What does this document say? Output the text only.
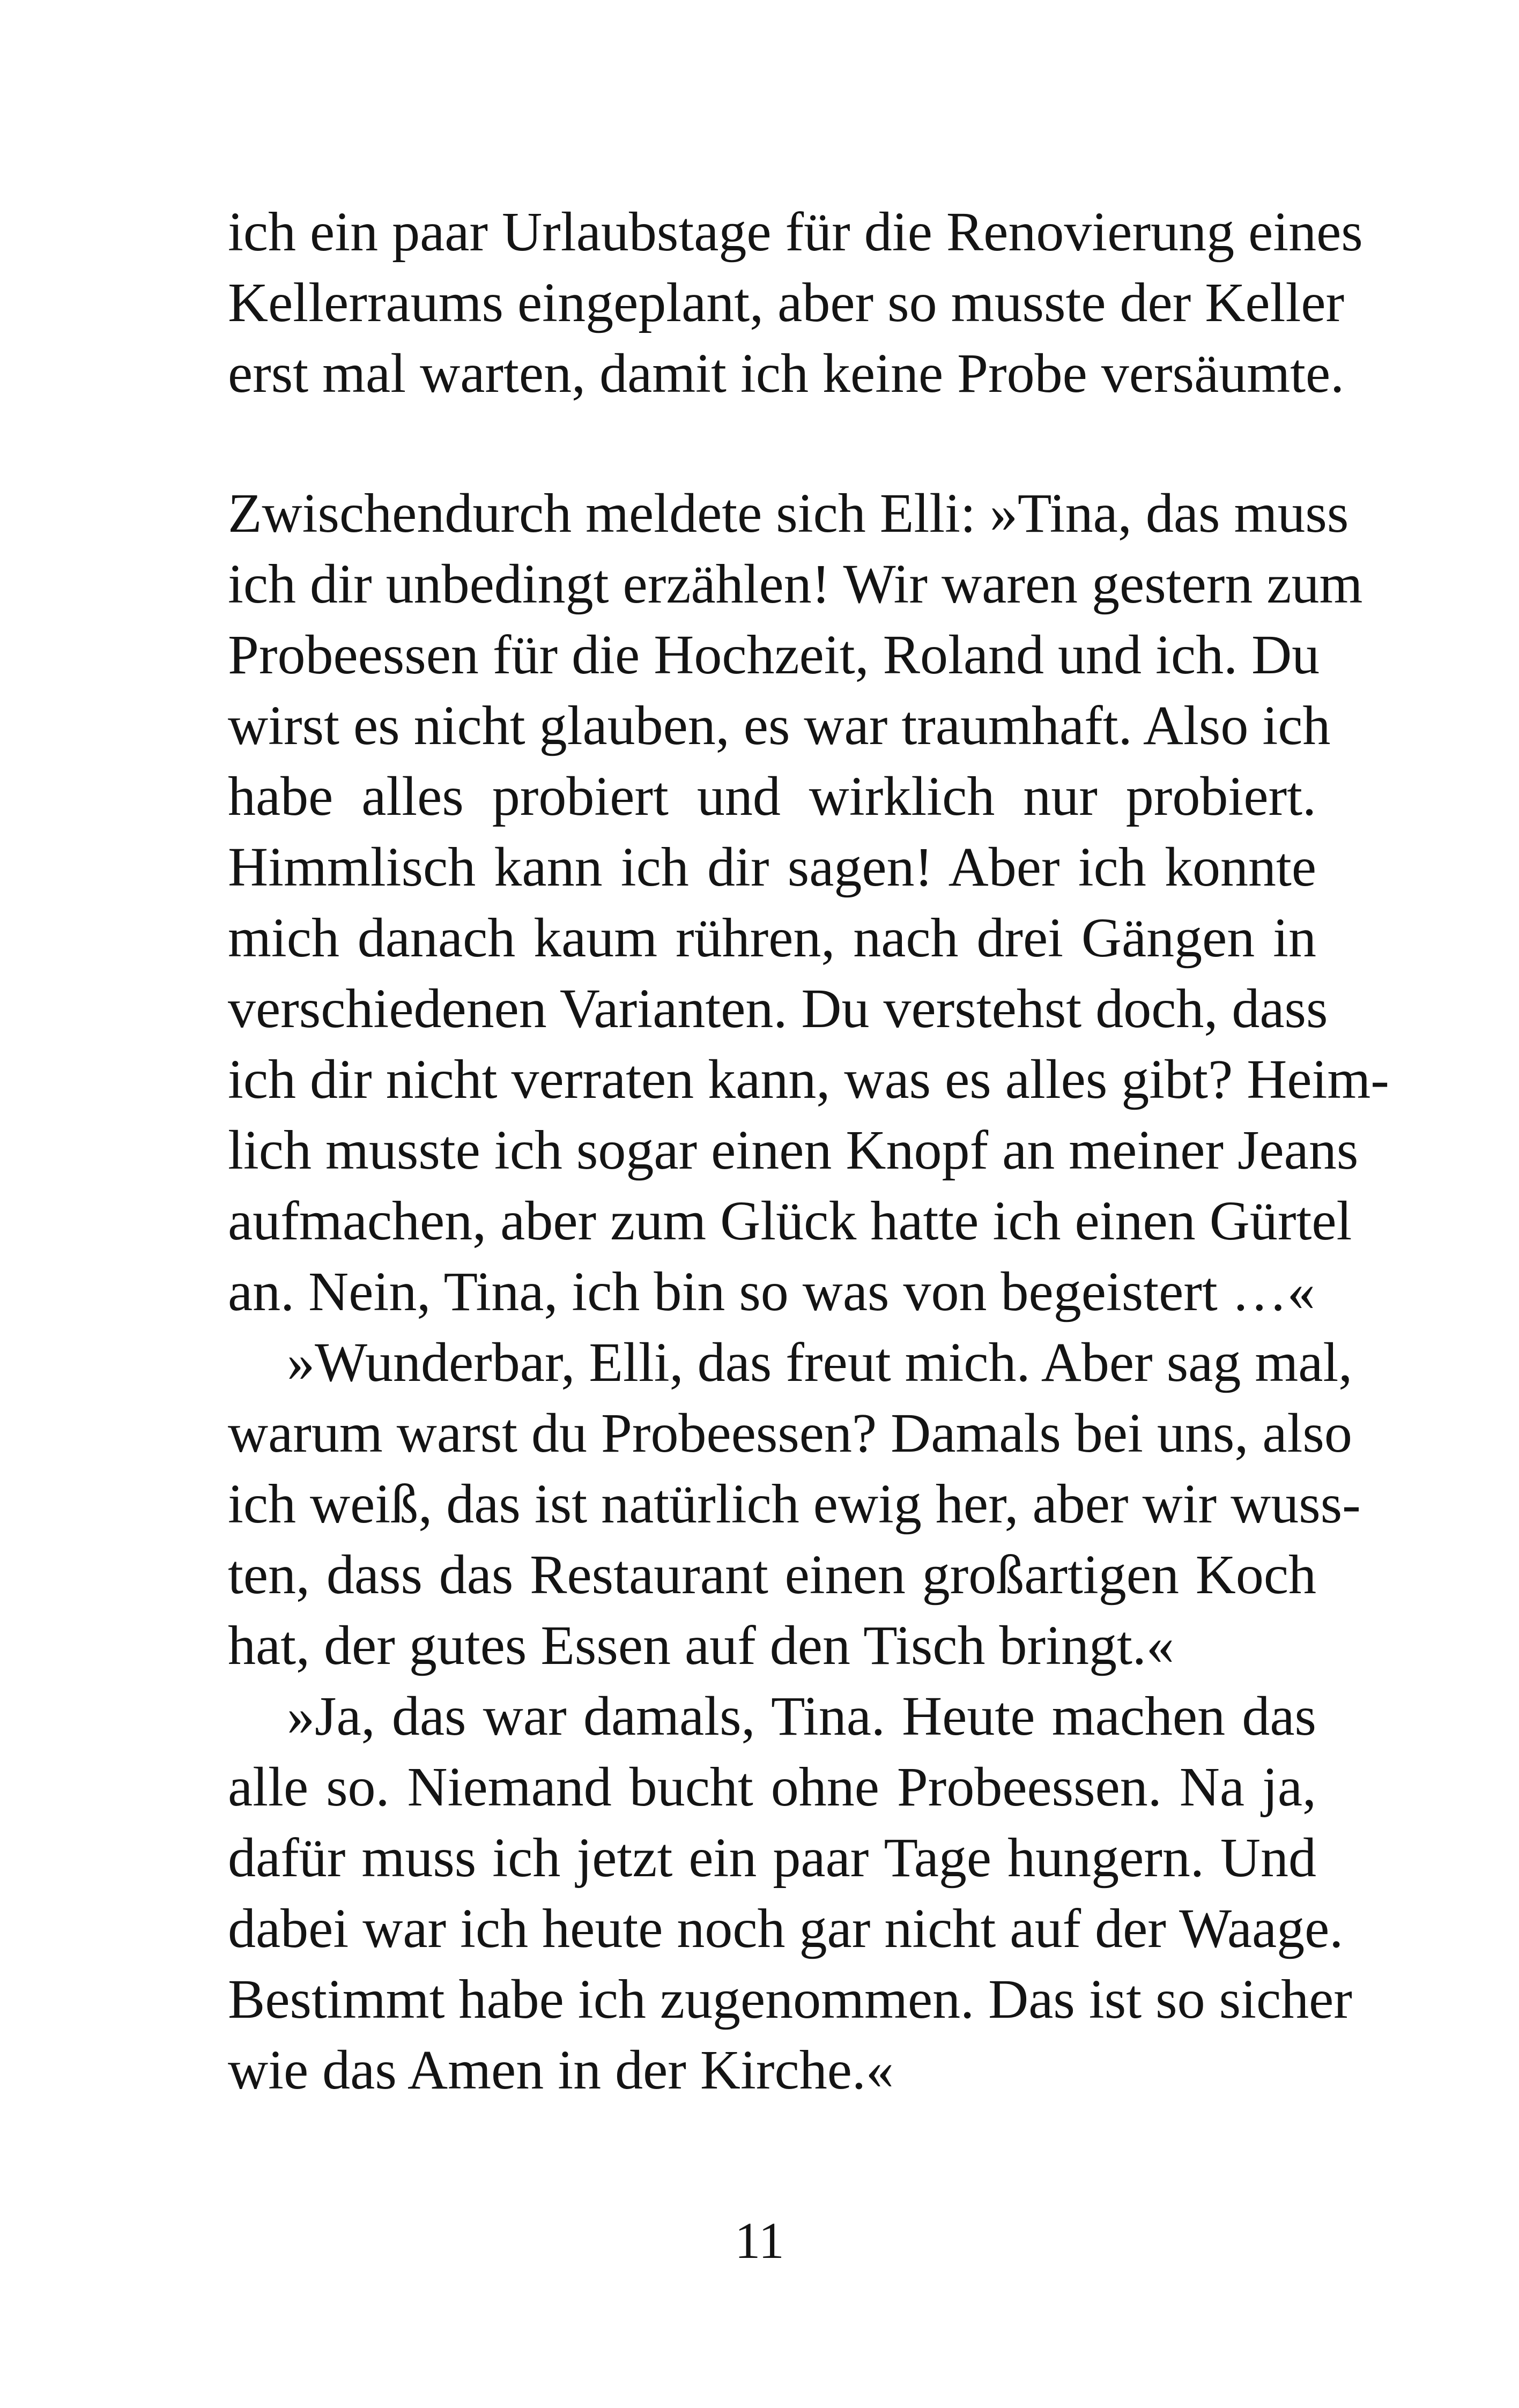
ich ein paar Urlaubstage für die Renovierung eines
Kellerraums eingeplant, aber so musste der Keller
erst mal warten, damit ich keine Probe versäumte.
Zwischendurch meldete sich Elli: »Tina, das muss
ich dir unbedingt erzählen! Wir waren gestern zum
Probeessen für die Hochzeit, Roland und ich. Du
wirst es nicht glauben, es war traumhaft. Also ich
habe alles probiert und wirklich nur probiert.
Himmlisch kann ich dir sagen! Aber ich konnte
mich danach kaum rühren, nach drei Gängen in
verschiedenen Varianten. Du verstehst doch, dass
ich dir nicht verraten kann, was es alles gibt? Heim-
lich musste ich sogar einen Knopf an meiner Jeans
aufmachen, aber zum Glück hatte ich einen Gürtel
an. Nein, Tina, ich bin so was von begeistert …«
»Wunderbar, Elli, das freut mich. Aber sag mal,
warum warst du Probeessen? Damals bei uns, also
ich weiß, das ist natürlich ewig her, aber wir wuss-
ten, dass das Restaurant einen großartigen Koch
hat, der gutes Essen auf den Tisch bringt.«
»Ja, das war damals, Tina. Heute machen das
alle so. Niemand bucht ohne Probeessen. Na ja,
dafür muss ich jetzt ein paar Tage hungern. Und
dabei war ich heute noch gar nicht auf der Waage.
Bestimmt habe ich zugenommen. Das ist so sicher
wie das Amen in der Kirche.«
11
